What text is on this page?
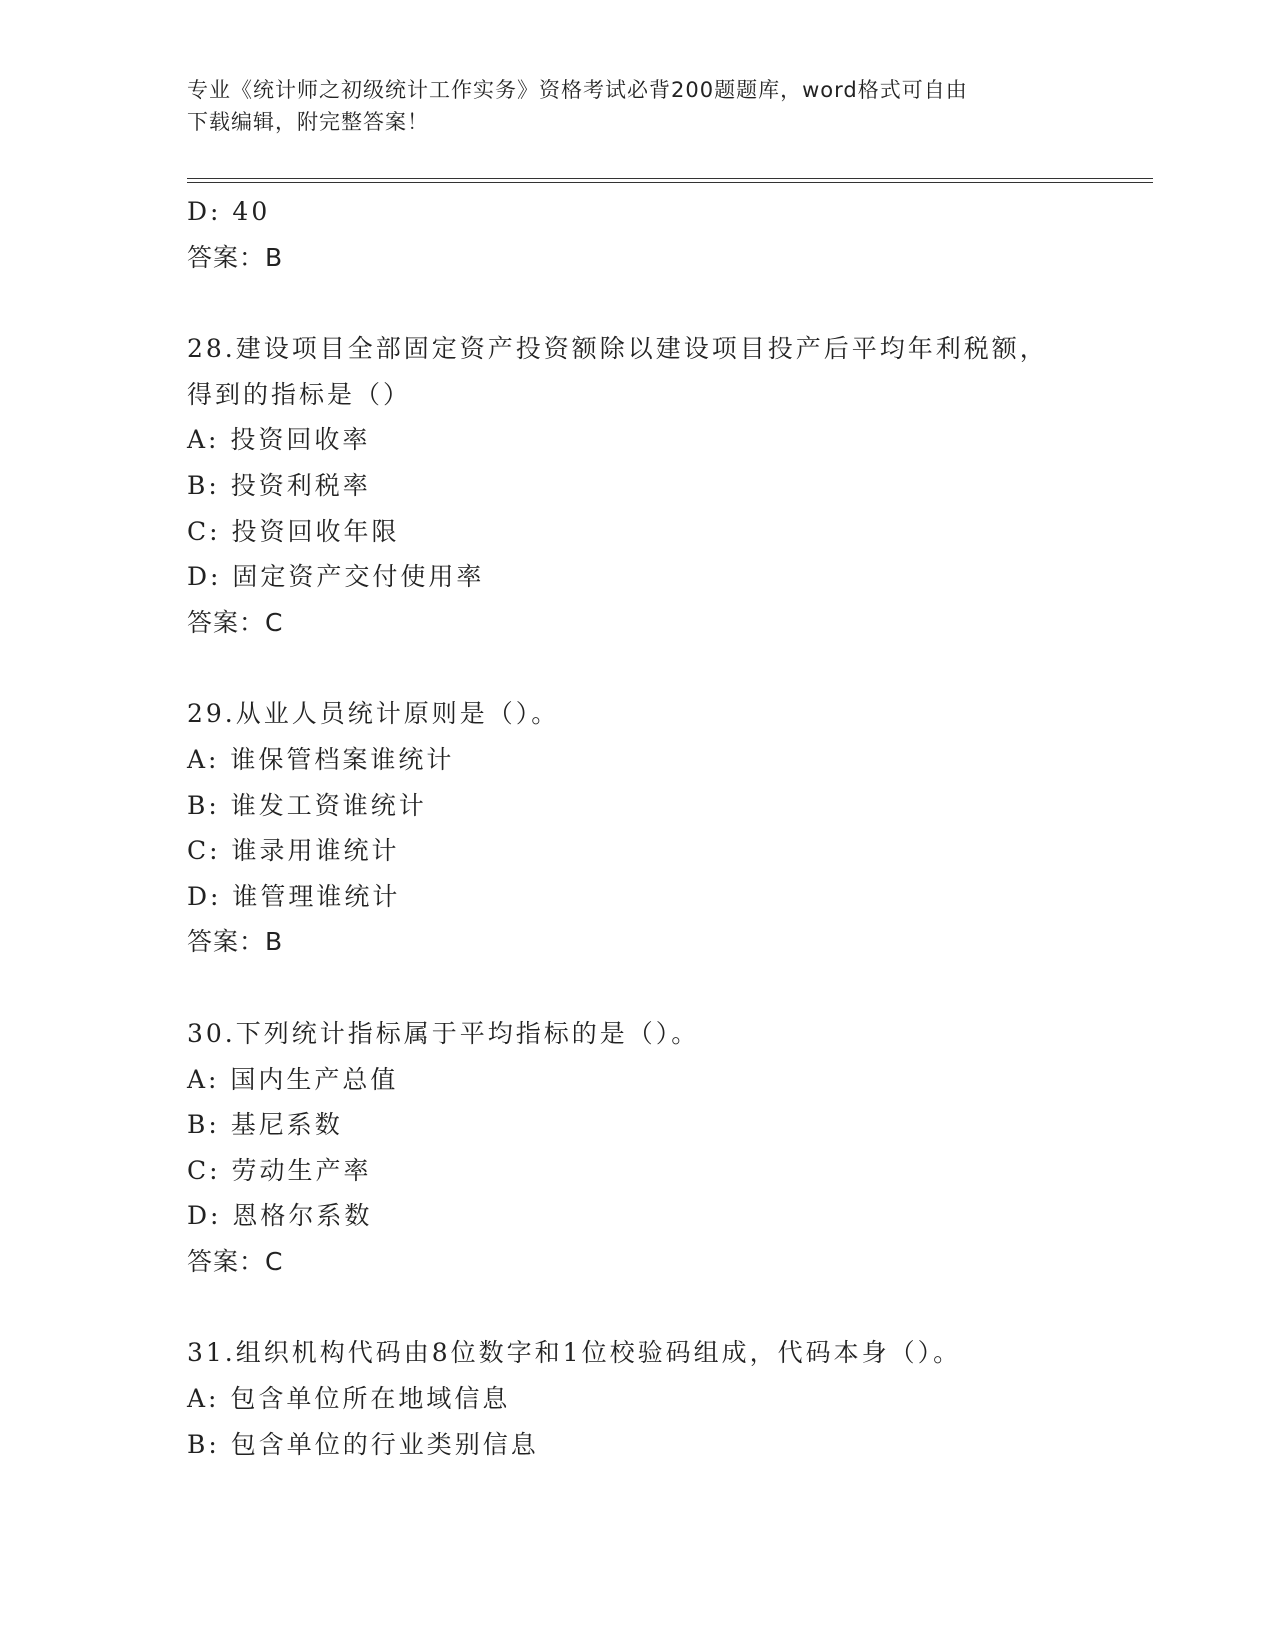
专业《统计师之初级统计工作实务》资格考试必背200题题库，word格式可自由
下载编辑，附完整答案！
D: 40
答案：B
28.建设项目全部固定资产投资额除以建设项目投产后平均年利税额，
得到的指标是（）
A: 投资回收率
B: 投资利税率
C: 投资回收年限
D: 固定资产交付使用率
答案：C
29.从业人员统计原则是（）。
A: 谁保管档案谁统计
B: 谁发工资谁统计
C: 谁录用谁统计
D: 谁管理谁统计
答案：B
30.下列统计指标属于平均指标的是（）。
A: 国内生产总值
B: 基尼系数
C: 劳动生产率
D: 恩格尔系数
答案：C
31.组织机构代码由8位数字和1位校验码组成，代码本身（）。
A: 包含单位所在地域信息
B: 包含单位的行业类别信息
